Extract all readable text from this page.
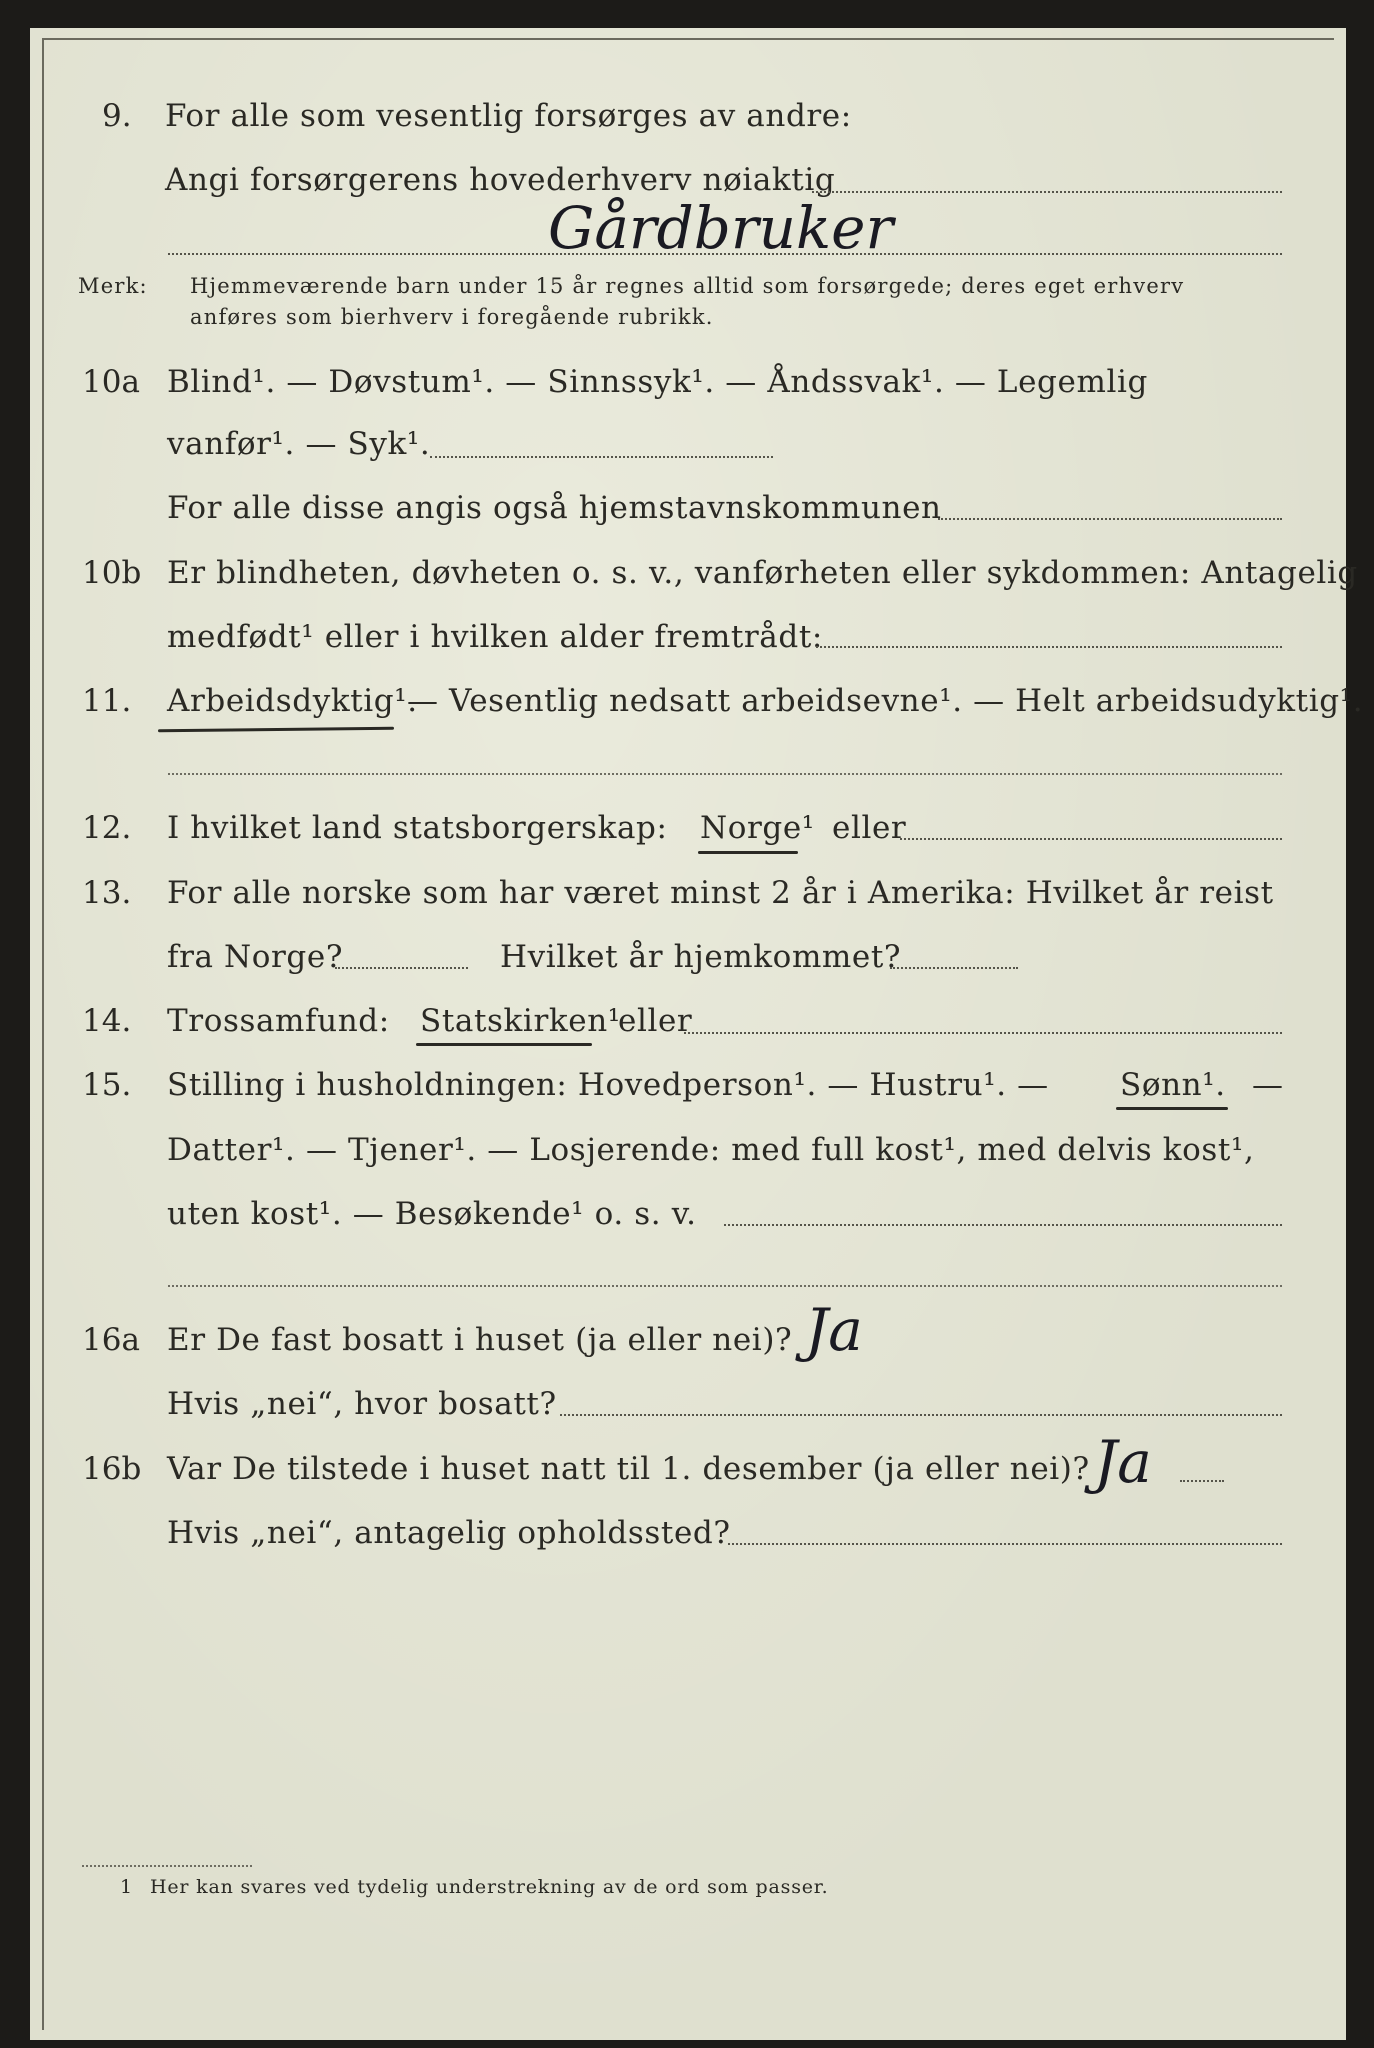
9. For alle som vesentlig forsørges av andre:
Angi forsørgerens hovederhverv nøiaktig
Gårdbruker
Merk: Hjemmeværende barn under 15 år regnes alltid som forsørgede; deres eget erhverv
anføres som bierhverv i foregående rubrikk.
10a Blind¹. — Døvstum¹. — Sinnssyk¹. — Åndssvak¹. — Legemlig
vanfør¹. — Syk¹.
For alle disse angis også hjemstavnskommunen
10b Er blindheten, døvheten o. s. v., vanførheten eller sykdommen: Antagelig
medfødt¹ eller i hvilken alder fremtrådt:
11. Arbeidsdyktig¹.
— Vesentlig nedsatt arbeidsevne¹. — Helt arbeidsudyktig¹.
12. I hvilket land statsborgerskap: Norge¹ eller
13. For alle norske som har været minst 2 år i Amerika: Hvilket år reist
fra Norge?	Hvilket år hjemkommet?
14. Trossamfund: Statskirken¹
eller
15. Stilling i husholdningen: Hovedperson¹. — Hustru¹. — Sønn¹. —
Datter¹. — Tjener¹. — Losjerende: med full kost¹, med delvis kost¹,
uten kost¹. — Besøkende¹ o. s. v.
16a Er De fast bosatt i huset (ja eller nei)? Ja
Hvis „nei“, hvor bosatt?
16b Var De tilstede i huset natt til 1. desember (ja eller nei)? Ja
Hvis „nei“, antagelig opholdssted?
1 Her kan svares ved tydelig understrekning av de ord som passer.
